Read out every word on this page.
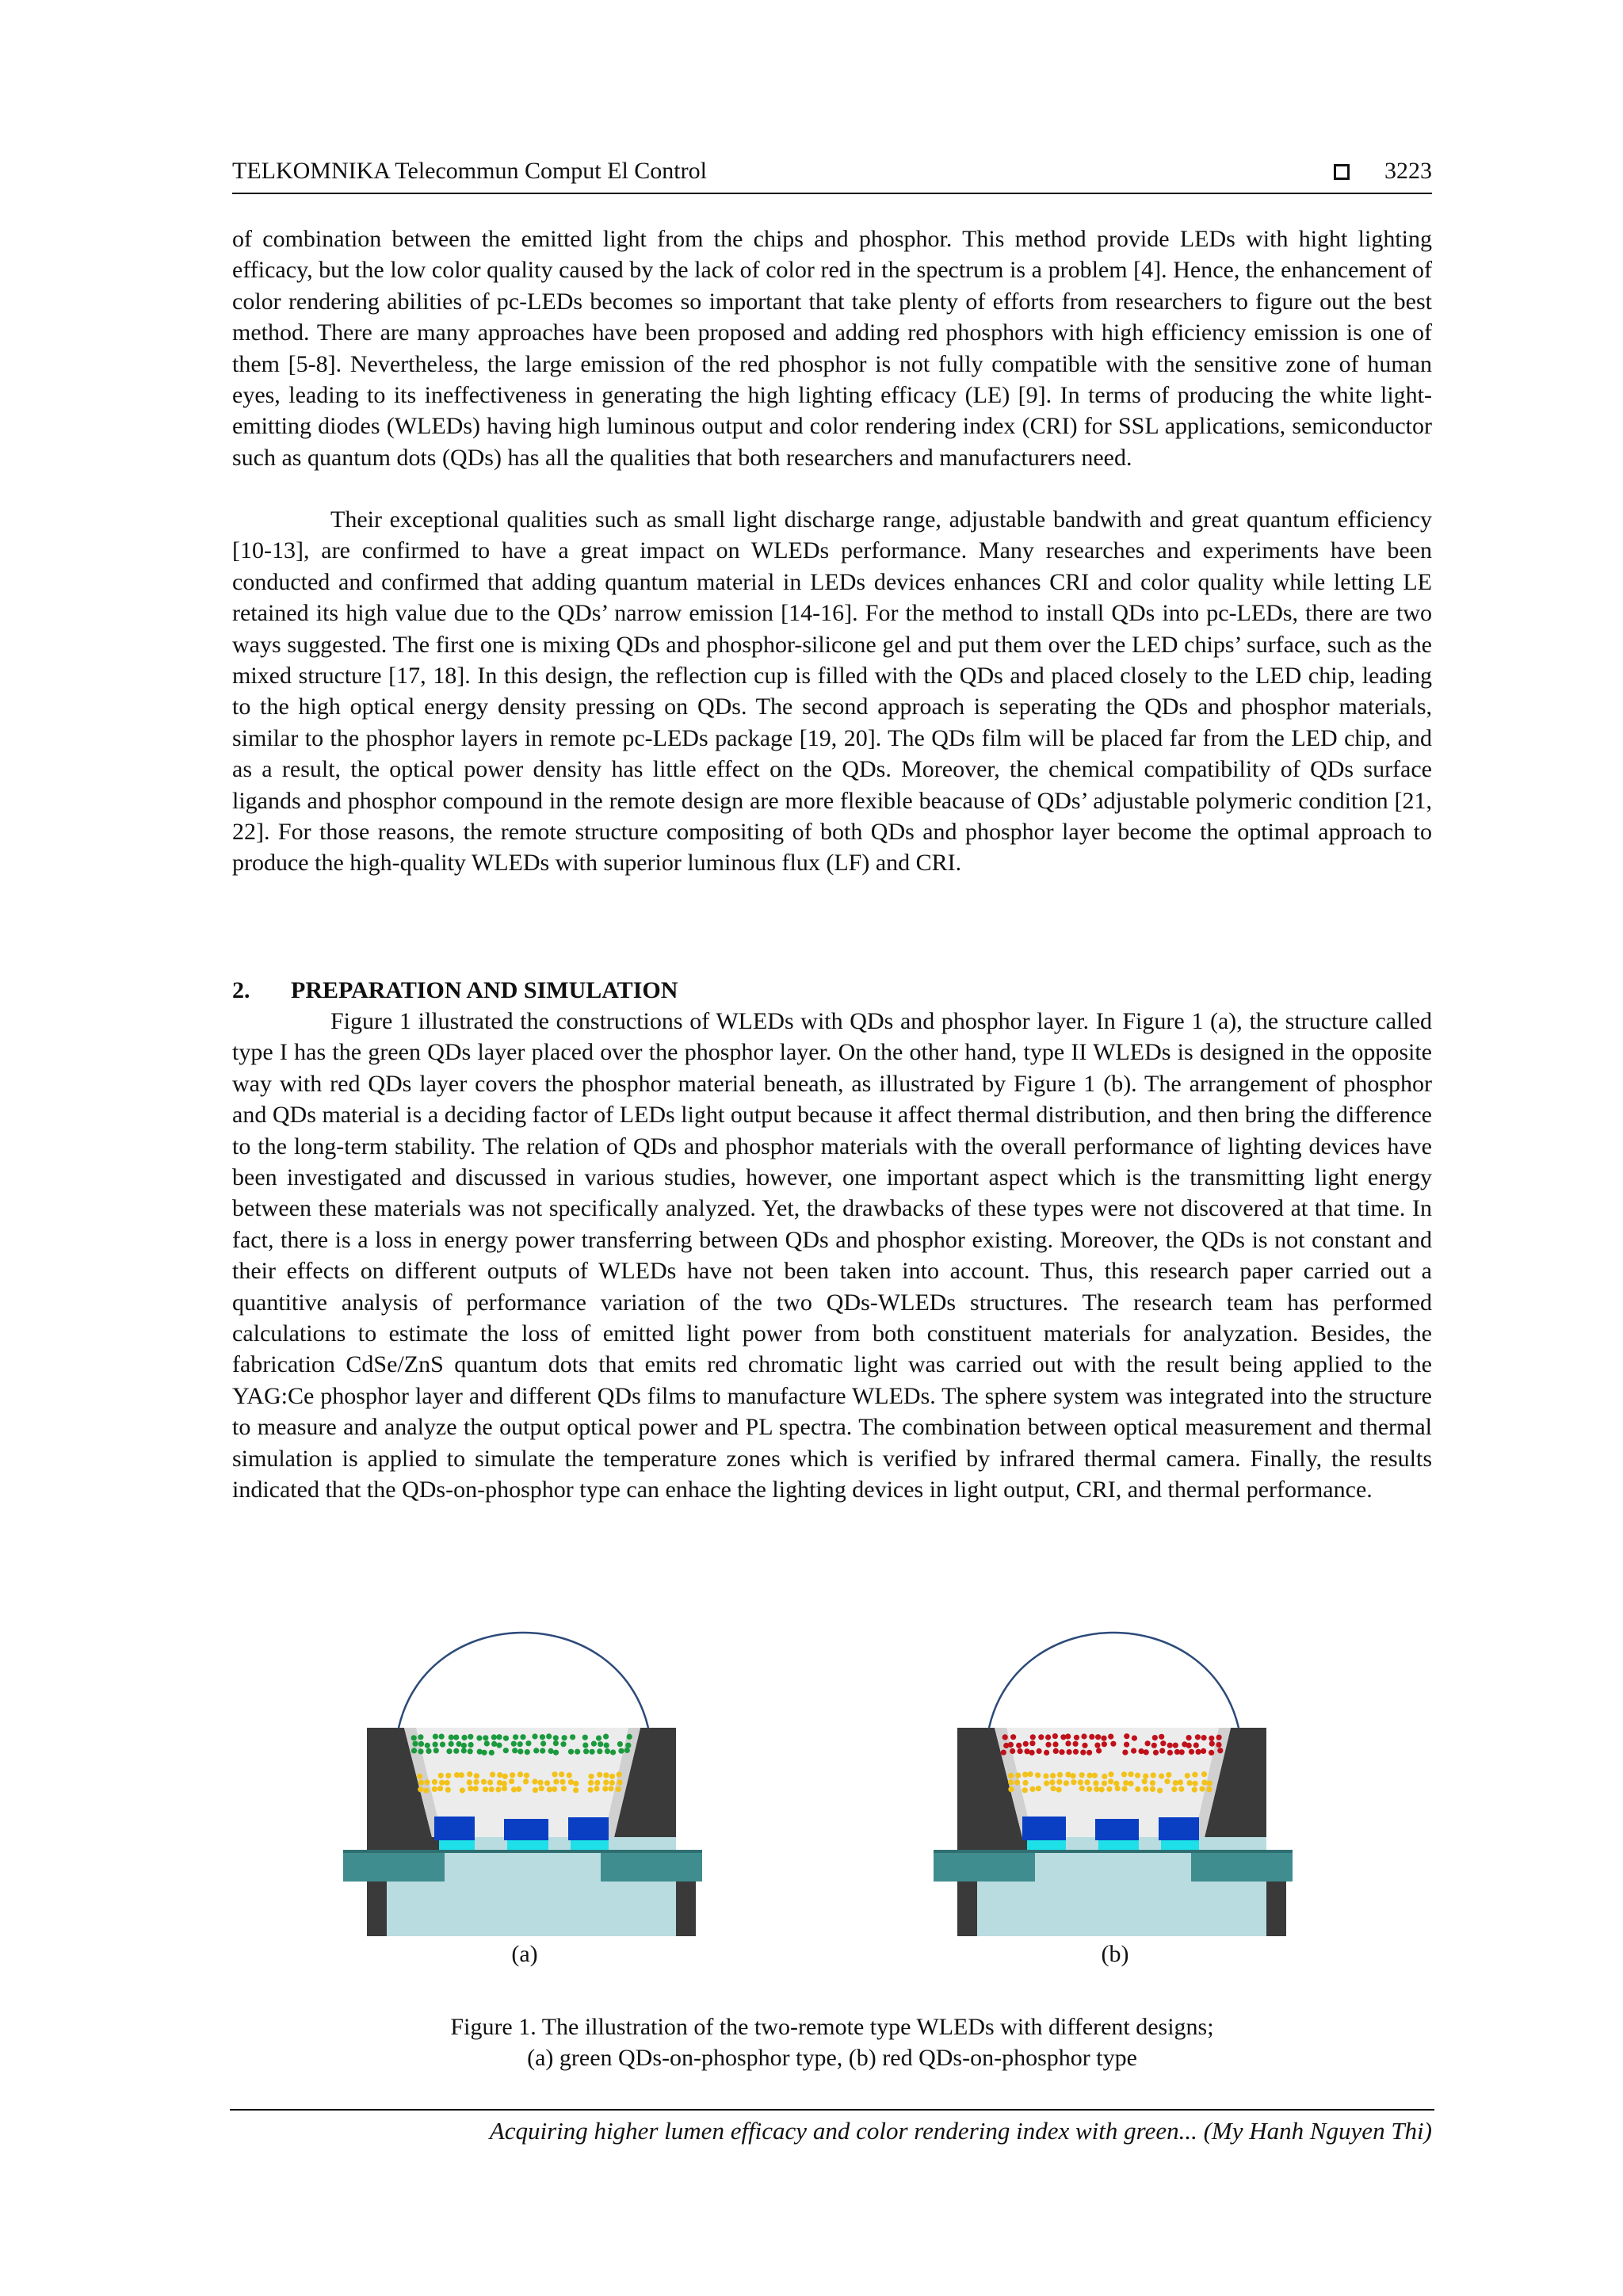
TELKOMNIKA Telecommun Comput El Control	3223

of combination between the emitted light from the chips and phosphor. This method provide LEDs with hight lighting efficacy, but the low color quality caused by the lack of color red in the spectrum is a problem [4]. Hence, the enhancement of color rendering abilities of pc-LEDs becomes so important that take plenty of efforts from researchers to figure out the best method. There are many approaches have been proposed and adding red phosphors with high efficiency emission is one of them [5-8]. Nevertheless, the large emission of the red phosphor is not fully compatible with the sensitive zone of human eyes, leading to its ineffectiveness in generating the high lighting efficacy (LE) [9]. In terms of producing the white light-emitting diodes (WLEDs) having high luminous output and color rendering index (CRI) for SSL applications, semiconductor such as quantum dots (QDs) has all the qualities that both researchers and manufacturers need.

Their exceptional qualities such as small light discharge range, adjustable bandwith and great quantum efficiency [10-13], are confirmed to have a great impact on WLEDs performance. Many researches and experiments have been conducted and confirmed that adding quantum material in LEDs devices enhances CRI and color quality while letting LE retained its high value due to the QDs’ narrow emission [14-16]. For the method to install QDs into pc-LEDs, there are two ways suggested. The first one is mixing QDs and phosphor-silicone gel and put them over the LED chips’ surface, such as the mixed structure [17, 18]. In this design, the reflection cup is filled with the QDs and placed closely to the LED chip, leading to the high optical energy density pressing on QDs. The second approach is seperating the QDs and phosphor materials, similar to the phosphor layers in remote pc-LEDs package [19, 20]. The QDs film will be placed far from the LED chip, and as a result, the optical power density has little effect on the QDs. Moreover, the chemical compatibility of QDs surface ligands and phosphor compound in the remote design are more flexible beacause of QDs’ adjustable polymeric condition [21, 22]. For those reasons, the remote structure compositing of both QDs and phosphor layer become the optimal approach to produce the high-quality WLEDs with superior luminous flux (LF) and CRI.

2. PREPARATION AND SIMULATION

Figure 1 illustrated the constructions of WLEDs with QDs and phosphor layer. In Figure 1 (a), the structure called type I has the green QDs layer placed over the phosphor layer. On the other hand, type II WLEDs is designed in the opposite way with red QDs layer covers the phosphor material beneath, as illustrated by Figure 1 (b). The arrangement of phosphor and QDs material is a deciding factor of LEDs light output because it affect thermal distribution, and then bring the difference to the long-term stability. The relation of QDs and phosphor materials with the overall performance of lighting devices have been investigated and discussed in various studies, however, one important aspect which is the transmitting light energy between these materials was not specifically analyzed. Yet, the drawbacks of these types were not discovered at that time. In fact, there is a loss in energy power transferring between QDs and phosphor existing. Moreover, the QDs is not constant and their effects on different outputs of WLEDs have not been taken into account. Thus, this research paper carried out a quantitive analysis of performance variation of the two QDs-WLEDs structures. The research team has performed calculations to estimate the loss of emitted light power from both constituent materials for analyzation. Besides, the fabrication CdSe/ZnS quantum dots that emits red chromatic light was carried out with the result being applied to the YAG:Ce phosphor layer and different QDs films to manufacture WLEDs. The sphere system was integrated into the structure to measure and analyze the output optical power and PL spectra. The combination between optical measurement and thermal simulation is applied to simulate the temperature zones which is verified by infrared thermal camera. Finally, the results indicated that the QDs-on-phosphor type can enhace the lighting devices in light output, CRI, and thermal performance.

(a)	(b)
Figure 1. The illustration of the two-remote type WLEDs with different designs;
(a) green QDs-on-phosphor type, (b) red QDs-on-phosphor type
Acquiring higher lumen efficacy and color rendering index with green... (My Hanh Nguyen Thi)
